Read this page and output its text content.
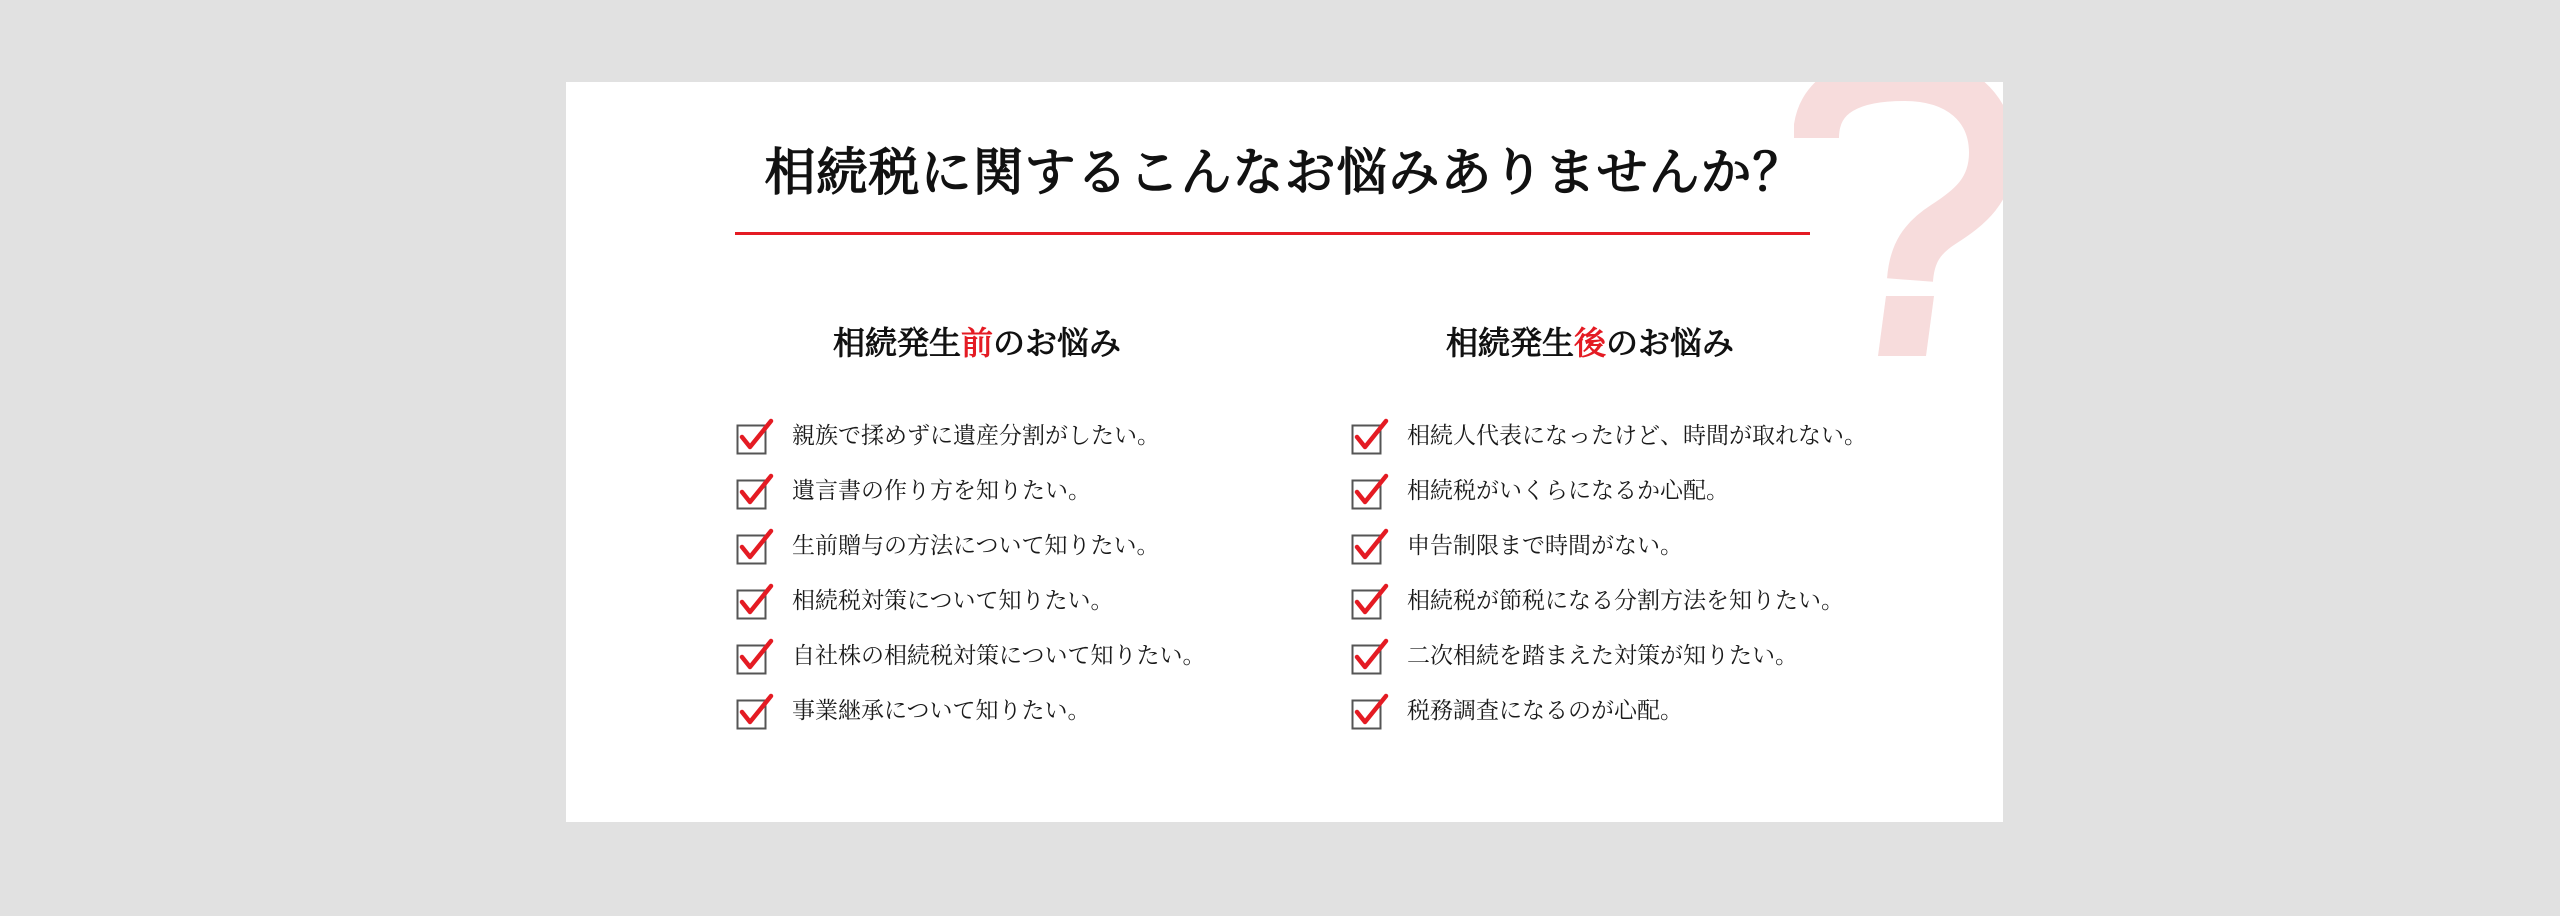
相続税に関するこんなお悩みありませんか？
相続発生前のお悩み
親族で揉めずに遺産分割がしたい。
遺言書の作り方を知りたい。
生前贈与の方法について知りたい。
相続税対策について知りたい。
自社株の相続税対策について知りたい。
事業継承について知りたい。
相続発生後のお悩み
相続人代表になったけど、時間が取れない。
相続税がいくらになるか心配。
申告制限まで時間がない。
相続税が節税になる分割方法を知りたい。
二次相続を踏まえた対策が知りたい。
税務調査になるのが心配。
